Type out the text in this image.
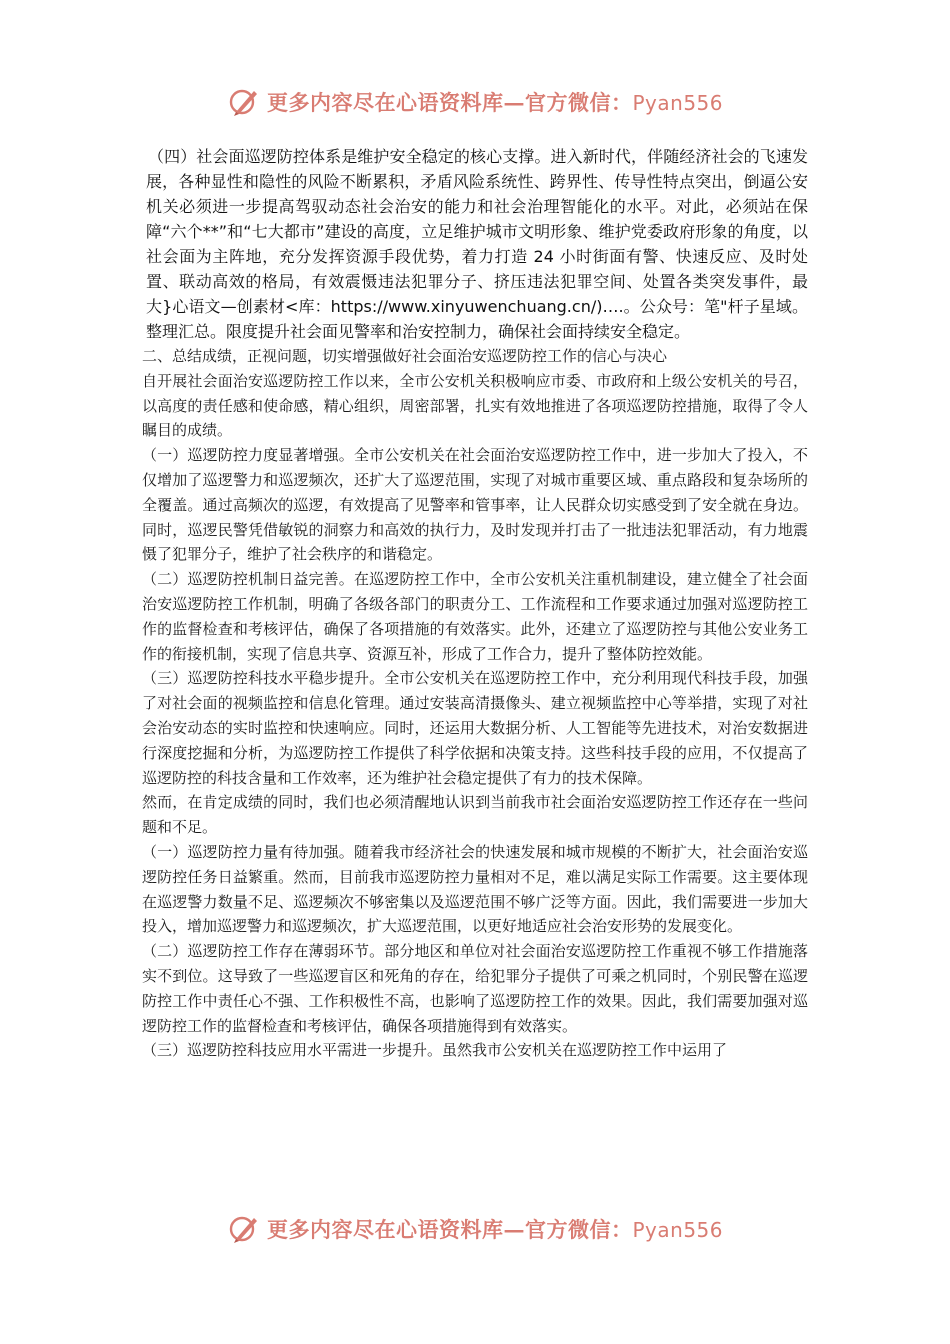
更多内容尽在心语资料库—官方微信：Pyan556

（四）社会面巡逻防控体系是维护安全稳定的核心支撑。进入新时代，伴随经济社会的飞速发展，各种显性和隐性的风险不断累积，矛盾风险系统性、跨界性、传导性特点突出，倒逼公安机关必须进一步提高驾驭动态社会治安的能力和社会治理智能化的水平。对此，必须站在保障“六个**”和“七大都市”建设的高度，立足维护城市文明形象、维护党委政府形象的角度，以社会面为主阵地，充分发挥资源手段优势，着力打造 24 小时街面有警、快速反应、及时处置、联动高效的格局，有效震慑违法犯罪分子、挤压违法犯罪空间、处置各类突发事件，最大}心语文—创素材<库：https://www.xinyuwenchuang.cn/)….。公众号：笔"杆子星域。整理汇总。限度提升社会面见警率和治安控制力，确保社会面持续安全稳定。

二、总结成绩，正视问题，切实增强做好社会面治安巡逻防控工作的信心与决心

自开展社会面治安巡逻防控工作以来，全市公安机关积极响应市委、市政府和上级公安机关的号召，以高度的责任感和使命感，精心组织，周密部署，扎实有效地推进了各项巡逻防控措施，取得了令人瞩目的成绩。

（一）巡逻防控力度显著增强。全市公安机关在社会面治安巡逻防控工作中，进一步加大了投入，不仅增加了巡逻警力和巡逻频次，还扩大了巡逻范围，实现了对城市重要区域、重点路段和复杂场所的全覆盖。通过高频次的巡逻，有效提高了见警率和管事率，让人民群众切实感受到了安全就在身边。同时，巡逻民警凭借敏锐的洞察力和高效的执行力，及时发现并打击了一批违法犯罪活动，有力地震慑了犯罪分子，维护了社会秩序的和谐稳定。

（二）巡逻防控机制日益完善。在巡逻防控工作中，全市公安机关注重机制建设，建立健全了社会面治安巡逻防控工作机制，明确了各级各部门的职责分工、工作流程和工作要求通过加强对巡逻防控工作的监督检查和考核评估，确保了各项措施的有效落实。此外，还建立了巡逻防控与其他公安业务工作的衔接机制，实现了信息共享、资源互补，形成了工作合力，提升了整体防控效能。

（三）巡逻防控科技水平稳步提升。全市公安机关在巡逻防控工作中，充分利用现代科技手段，加强了对社会面的视频监控和信息化管理。通过安装高清摄像头、建立视频监控中心等举措，实现了对社会治安动态的实时监控和快速响应。同时，还运用大数据分析、人工智能等先进技术，对治安数据进行深度挖掘和分析，为巡逻防控工作提供了科学依据和决策支持。这些科技手段的应用，不仅提高了巡逻防控的科技含量和工作效率，还为维护社会稳定提供了有力的技术保障。

然而，在肯定成绩的同时，我们也必须清醒地认识到当前我市社会面治安巡逻防控工作还存在一些问题和不足。

（一）巡逻防控力量有待加强。随着我市经济社会的快速发展和城市规模的不断扩大，社会面治安巡逻防控任务日益繁重。然而，目前我市巡逻防控力量相对不足，难以满足实际工作需要。这主要体现在巡逻警力数量不足、巡逻频次不够密集以及巡逻范围不够广泛等方面。因此，我们需要进一步加大投入，增加巡逻警力和巡逻频次，扩大巡逻范围，以更好地适应社会治安形势的发展变化。

（二）巡逻防控工作存在薄弱环节。部分地区和单位对社会面治安巡逻防控工作重视不够工作措施落实不到位。这导致了一些巡逻盲区和死角的存在，给犯罪分子提供了可乘之机同时，个别民警在巡逻防控工作中责任心不强、工作积极性不高，也影响了巡逻防控工作的效果。因此，我们需要加强对巡逻防控工作的监督检查和考核评估，确保各项措施得到有效落实。

（三）巡逻防控科技应用水平需进一步提升。虽然我市公安机关在巡逻防控工作中运用了

更多内容尽在心语资料库—官方微信：Pyan556
